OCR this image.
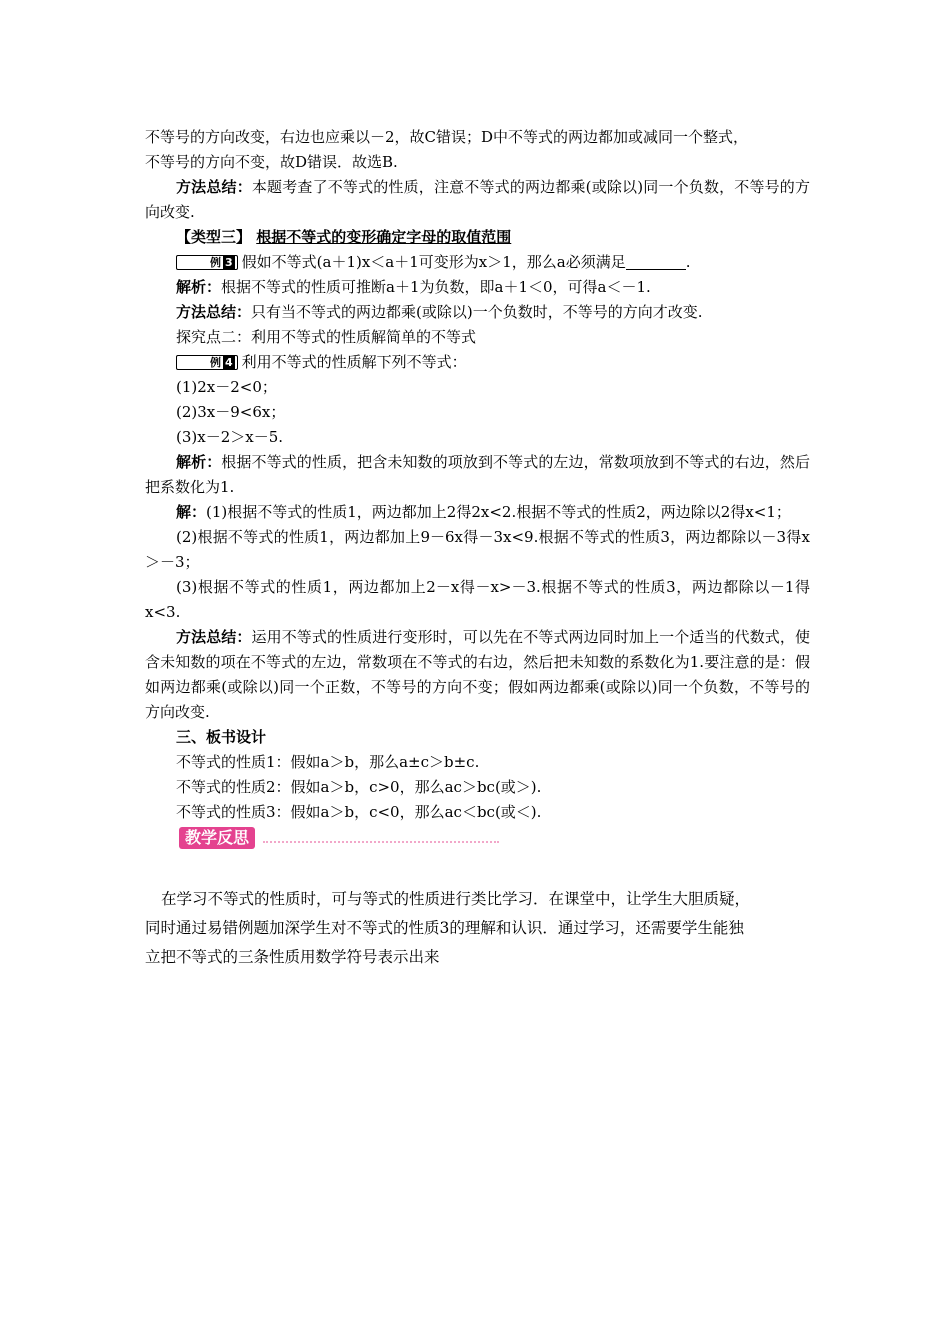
不等号的方向改变，右边也应乘以－2，故C错误；D中不等式的两边都加或减同一个整式，

不等号的方向不变，故D错误．故选B.

方法总结：本题考查了不等式的性质，注意不等式的两边都乘(或除以)同一个负数，不等号的方向改变.

【类型三】 根据不等式的变形确定字母的取值范围

例 3 假如不等式(a＋1)x＜a＋1可变形为x＞1，那么a必须满足	.

解析：根据不等式的性质可推断a＋1为负数，即a＋1＜0，可得a＜－1.

方法总结：只有当不等式的两边都乘(或除以)一个负数时，不等号的方向才改变.

探究点二：利用不等式的性质解简单的不等式

例 4 利用不等式的性质解下列不等式：

(1)2x－2<0；

(2)3x－9<6x；

(3)x－2＞x－5.

解析：根据不等式的性质，把含未知数的项放到不等式的左边，常数项放到不等式的右边，然后把系数化为1.

解：(1)根据不等式的性质1，两边都加上2得2x<2.根据不等式的性质2，两边除以2得x<1；

(2)根据不等式的性质1，两边都加上9－6x得－3x<9.根据不等式的性质3，两边都除以－3得x＞－3；

(3)根据不等式的性质1，两边都加上2－x得－x>－3.根据不等式的性质3，两边都除以－1得x<3.

方法总结：运用不等式的性质进行变形时，可以先在不等式两边同时加上一个适当的代数式，使含未知数的项在不等式的左边，常数项在不等式的右边，然后把未知数的系数化为1.要注意的是：假如两边都乘(或除以)同一个正数，不等号的方向不变；假如两边都乘(或除以)同一个负数，不等号的方向改变.

三、板书设计

不等式的性质1：假如a＞b，那么a±c＞b±c.

不等式的性质2：假如a＞b，c>0，那么ac＞bc(或＞).

不等式的性质3：假如a＞b，c<0，那么ac＜bc(或＜).

教学反思

在学习不等式的性质时，可与等式的性质进行类比学习．在课堂中，让学生大胆质疑，

同时通过易错例题加深学生对不等式的性质3的理解和认识．通过学习，还需要学生能独

立把不等式的三条性质用数学符号表示出来
